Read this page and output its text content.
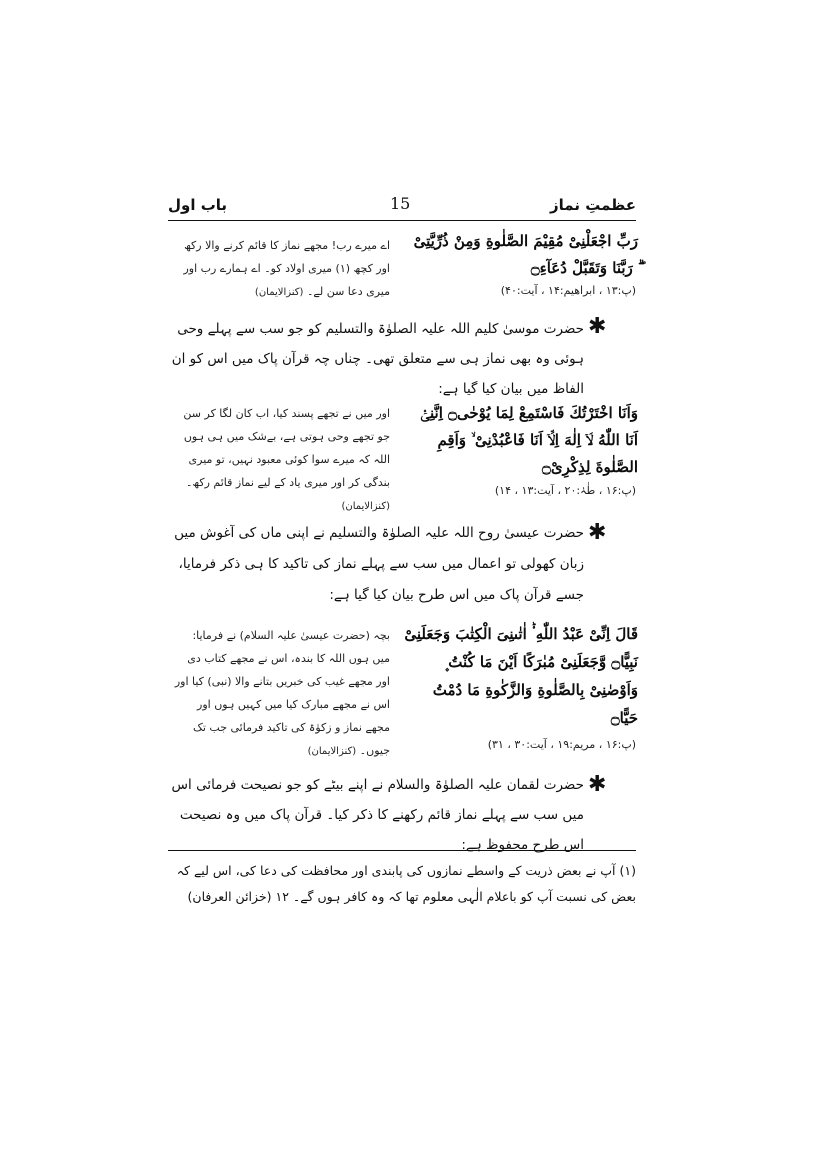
عظمتِ نماز
15
باب اول
رَبِّ اجْعَلْنِیْ مُقِیْمَ الصَّلٰوةِ وَمِنْ ذُرِّیَّتِیْ ۖۗ رَبَّنَا وَتَقَبَّلْ دُعَآءِ۝
(پ:۱۳ ، ابراھیم:۱۴ ، آیت:۴۰)
اے میرے رب! مجھے نماز کا قائم کرنے والا رکھ اور کچھ (۱) میری اولاد کو۔ اے ہمارے رب اور میری دعا سن لے۔ (کنزالایمان)
✱
حضرت موسیٰ کلیم اللہ علیہ الصلوٰۃ والتسلیم کو جو سب سے پہلے وحی ہوئی وہ بھی نماز ہی سے متعلق تھی۔ چناں چہ قرآن پاک میں اس کو ان الفاظ میں بیان کیا گیا ہے:
وَاَنَا اخْتَرْتُكَ فَاسْتَمِعْ لِمَا یُوْحٰی۝ اِنَّنِیْۤ اَنَا اللّٰهُ لَاۤ اِلٰهَ اِلَّاۤ اَنَا فَاعْبُدْنِیْ ۙ وَاَقِمِ الصَّلٰوةَ لِذِكْرِیْ۝
(پ:۱۶ ، طٰہٰ:۲۰ ، آیت:۱۳ ، ۱۴)
اور میں نے تجھے پسند کیا، اب کان لگا کر سن جو تجھے وحی ہوتی ہے، بےشک میں ہی ہوں اللہ کہ میرے سوا کوئی معبود نہیں، تو میری بندگی کر اور میری یاد کے لیے نماز قائم رکھ۔ (کنزالایمان)
✱
حضرت عیسیٰ روح اللہ علیہ الصلوٰۃ والتسلیم نے اپنی ماں کی آغوش میں زبان کھولی تو اعمال میں سب سے پہلے نماز کی تاکید کا ہی ذکر فرمایا، جسے قرآن پاک میں اس طرح بیان کیا گیا ہے:
قَالَ اِنِّیْ عَبْدُ اللّٰهِ ۟ؕ اٰتٰىنِیَ الْكِتٰبَ وَجَعَلَنِیْ نَبِیًّا۝ وَّجَعَلَنِیْ مُبٰرَكًا اَیْنَ مَا كُنْتُ ۪ وَاَوْصٰنِیْ بِالصَّلٰوةِ وَالزَّكٰوةِ مَا دُمْتُ حَیًّا۝
(پ:۱۶ ، مریم:۱۹ ، آیت:۳۰ ، ۳۱)
بچہ (حضرت عیسیٰ علیہ السلام) نے فرمایا: میں ہوں اللہ کا بندہ، اس نے مجھے کتاب دی اور مجھے غیب کی خبریں بتانے والا (نبی) کیا اور اس نے مجھے مبارک کیا میں کہیں ہوں اور مجھے نماز و زکوٰۃ کی تاکید فرمائی جب تک جیوں۔ (کنزالایمان)
✱
حضرت لقمان علیہ الصلوٰۃ والسلام نے اپنے بیٹے کو جو نصیحت فرمائی اس میں سب سے پہلے نماز قائم رکھنے کا ذکر کیا۔ قرآن پاک میں وہ نصیحت اس طرح محفوظ ہے:
(۱) آپ نے بعض ذریت کے واسطے نمازوں کی پابندی اور محافظت کی دعا کی، اس لیے کہ بعض کی نسبت آپ کو باعلام الٰہی معلوم تھا کہ وہ کافر ہوں گے۔ ۱۲ (خزائن العرفان)
